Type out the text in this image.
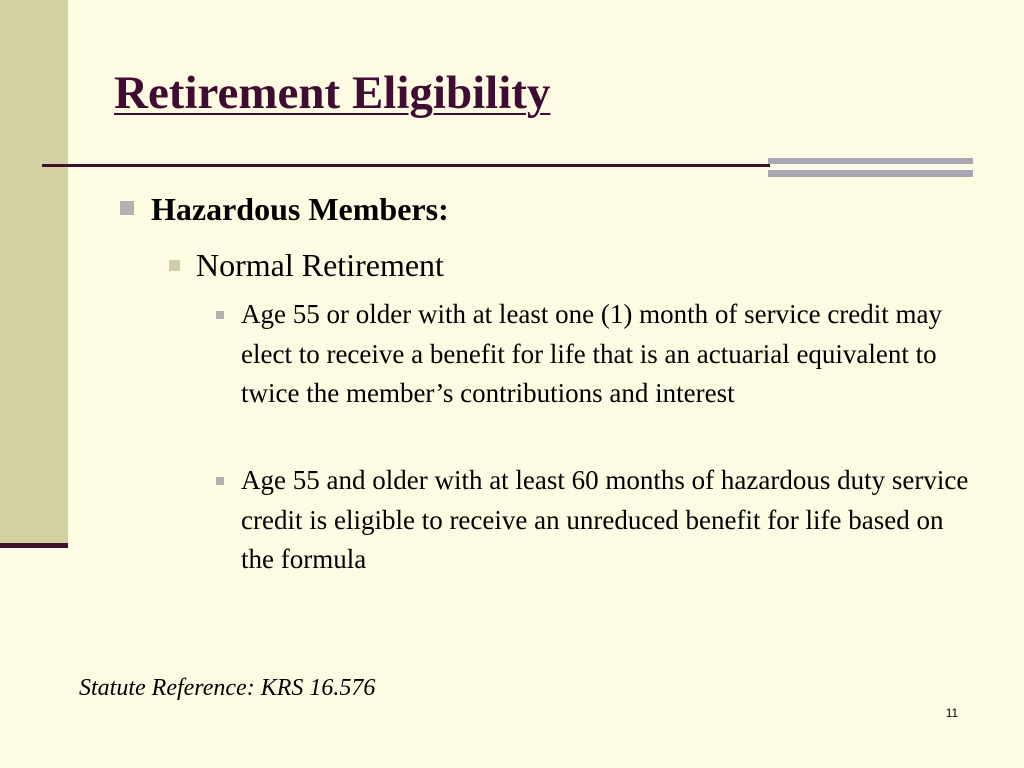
Retirement Eligibility

Hazardous Members:

Normal Retirement

Age 55 or older with at least one (1) month of service credit may elect to receive a benefit for life that is an actuarial equivalent to twice the member’s contributions and interest

Age 55 and older with at least 60 months of hazardous duty service credit is eligible to receive an unreduced benefit for life based on the formula

Statute Reference: KRS 16.576

11
